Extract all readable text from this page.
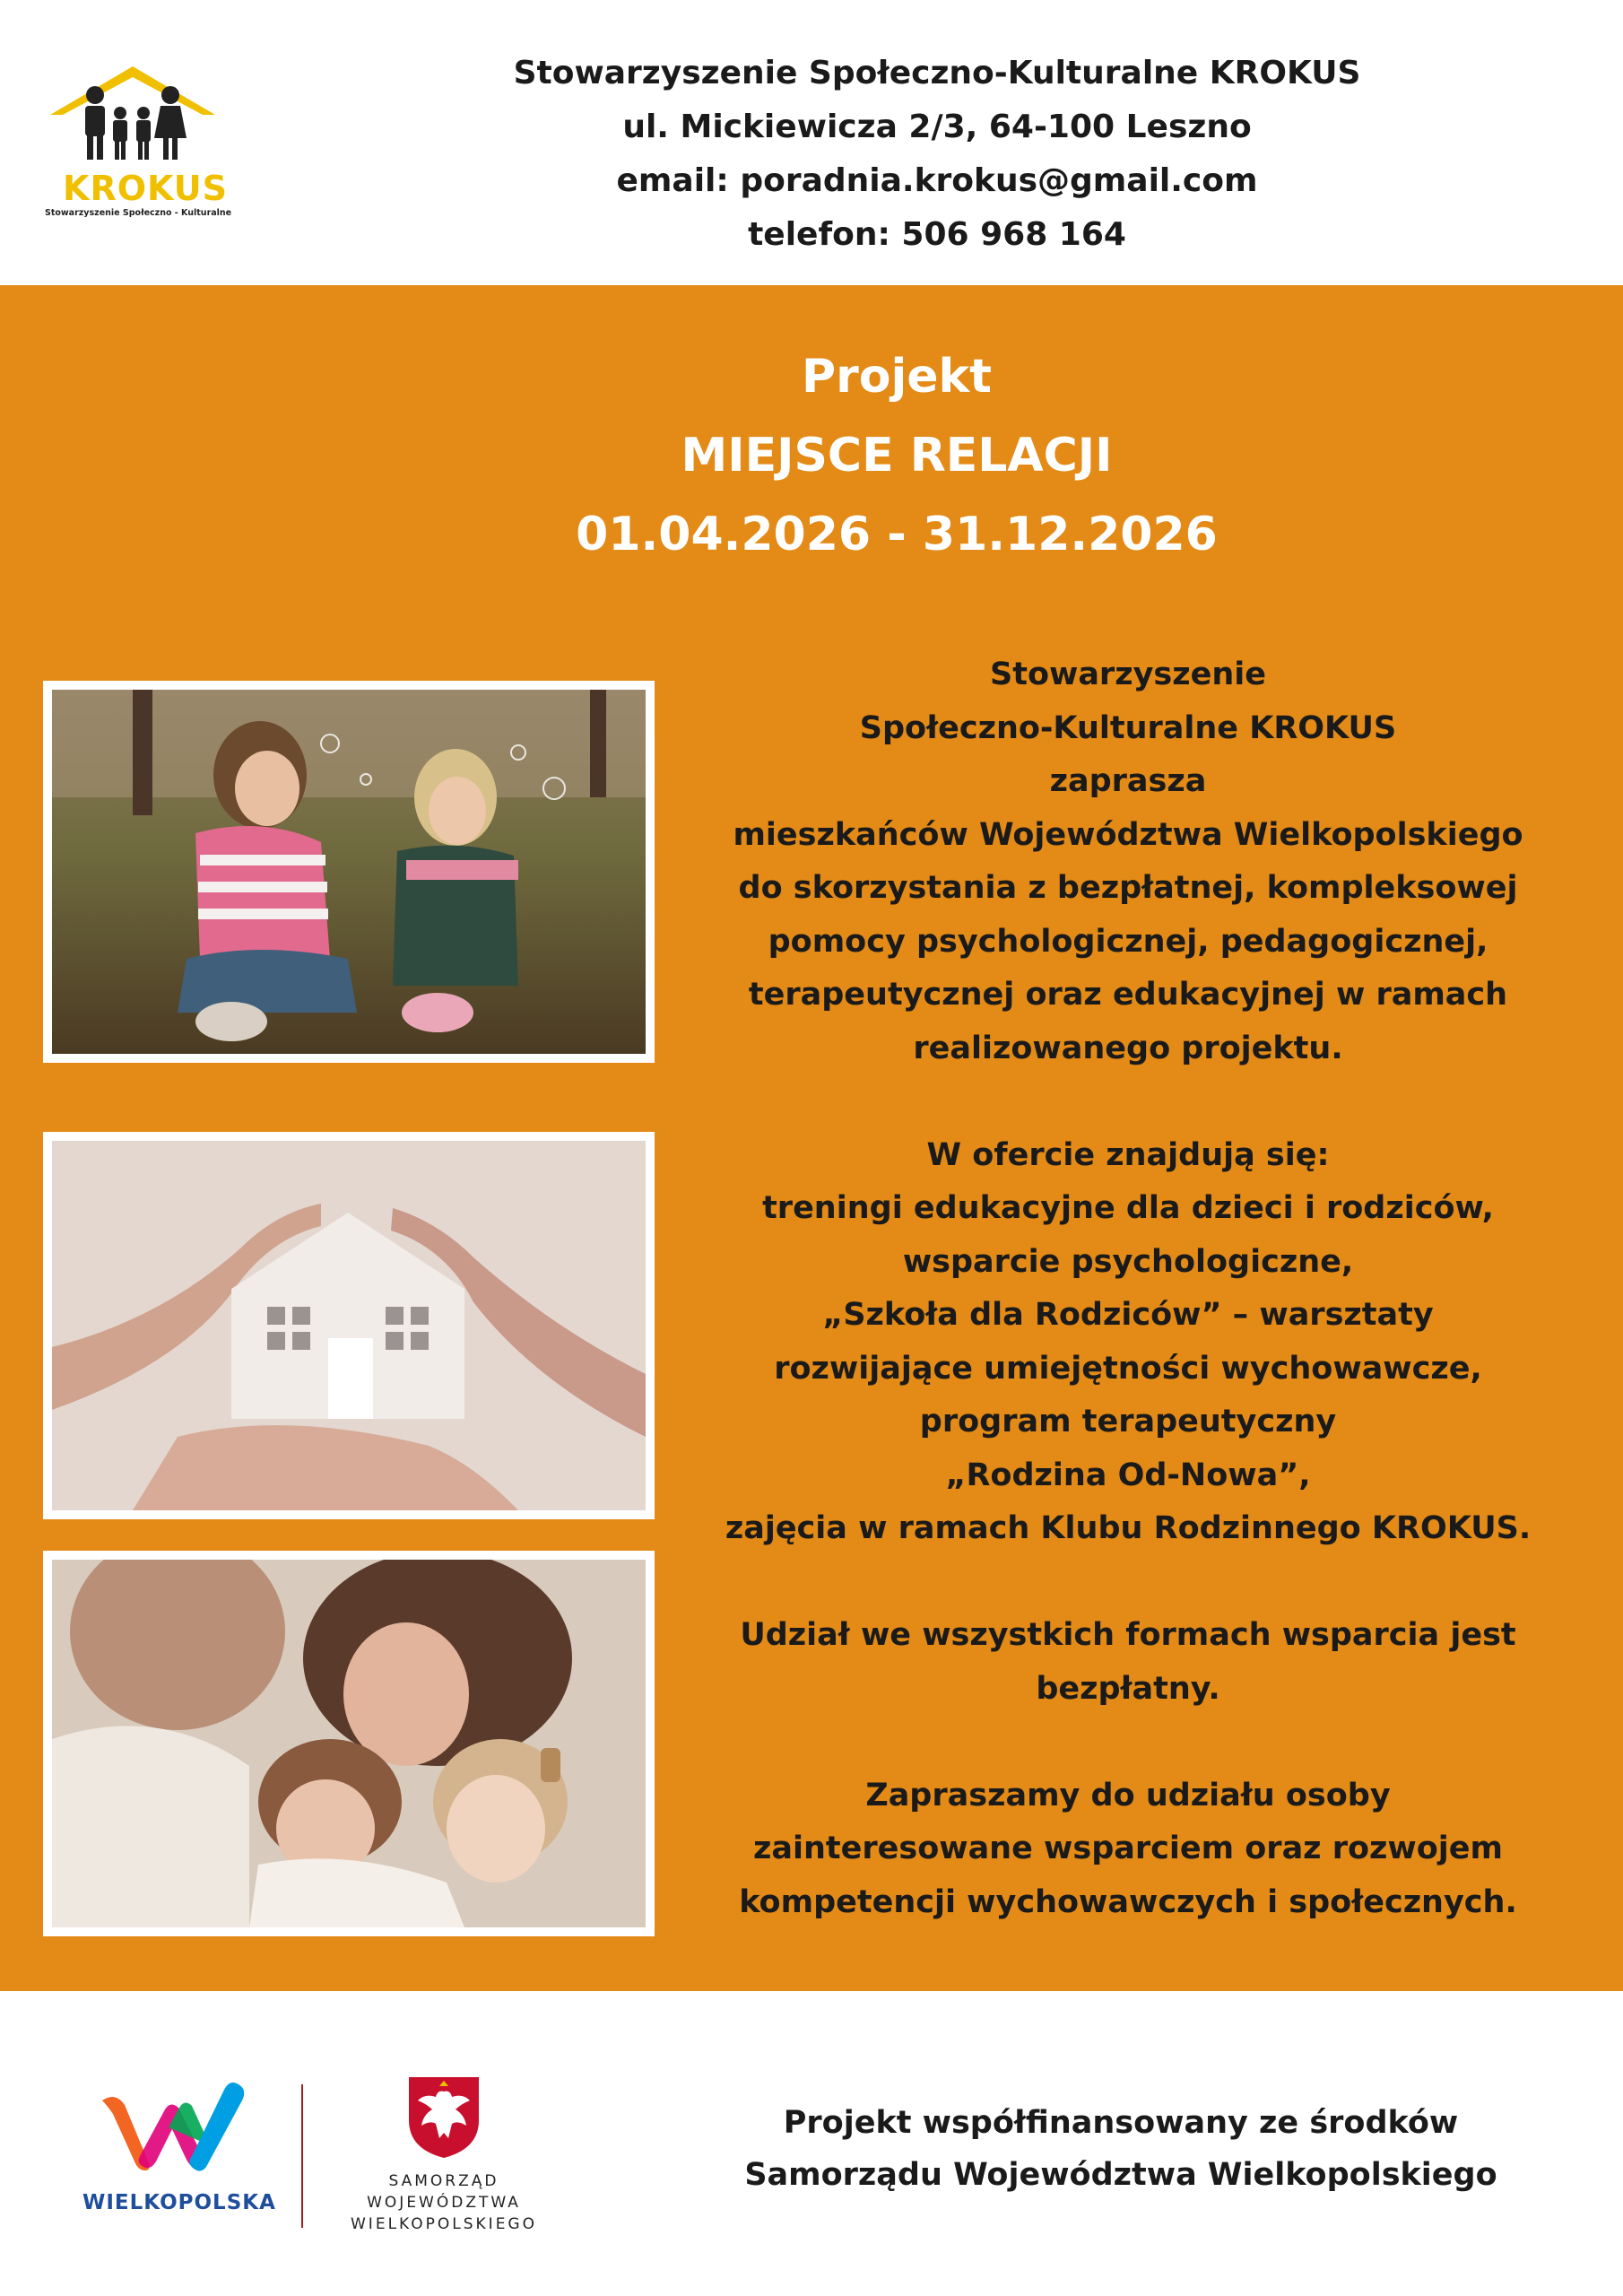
KROKUS
Stowarzyszenie Społeczno - Kulturalne
Stowarzyszenie Społeczno-Kulturalne KROKUS
ul. Mickiewicza 2/3, 64-100 Leszno
email: poradnia.krokus@gmail.com
telefon: 506 968 164
Projekt
MIEJSCE RELACJI
01.04.2026 - 31.12.2026
Stowarzyszenie
Społeczno-Kulturalne KROKUS
zaprasza
mieszkańców Województwa Wielkopolskiego
do skorzystania z bezpłatnej, kompleksowej
pomocy psychologicznej, pedagogicznej,
terapeutycznej oraz edukacyjnej w ramach
realizowanego projektu.
W ofercie znajdują się:
treningi edukacyjne dla dzieci i rodziców,
wsparcie psychologiczne,
„Szkoła dla Rodziców” – warsztaty
rozwijające umiejętności wychowawcze,
program terapeutyczny
„Rodzina Od-Nowa”,
zajęcia w ramach Klubu Rodzinnego KROKUS.
Udział we wszystkich formach wsparcia jest
bezpłatny.
Zapraszamy do udziału osoby
zainteresowane wsparciem oraz rozwojem
kompetencji wychowawczych i społecznych.
WIELKOPOLSKA
SAMORZĄD
WOJEWÓDZTWA
WIELKOPOLSKIEGO
Projekt współfinansowany ze środków
Samorządu Województwa Wielkopolskiego
